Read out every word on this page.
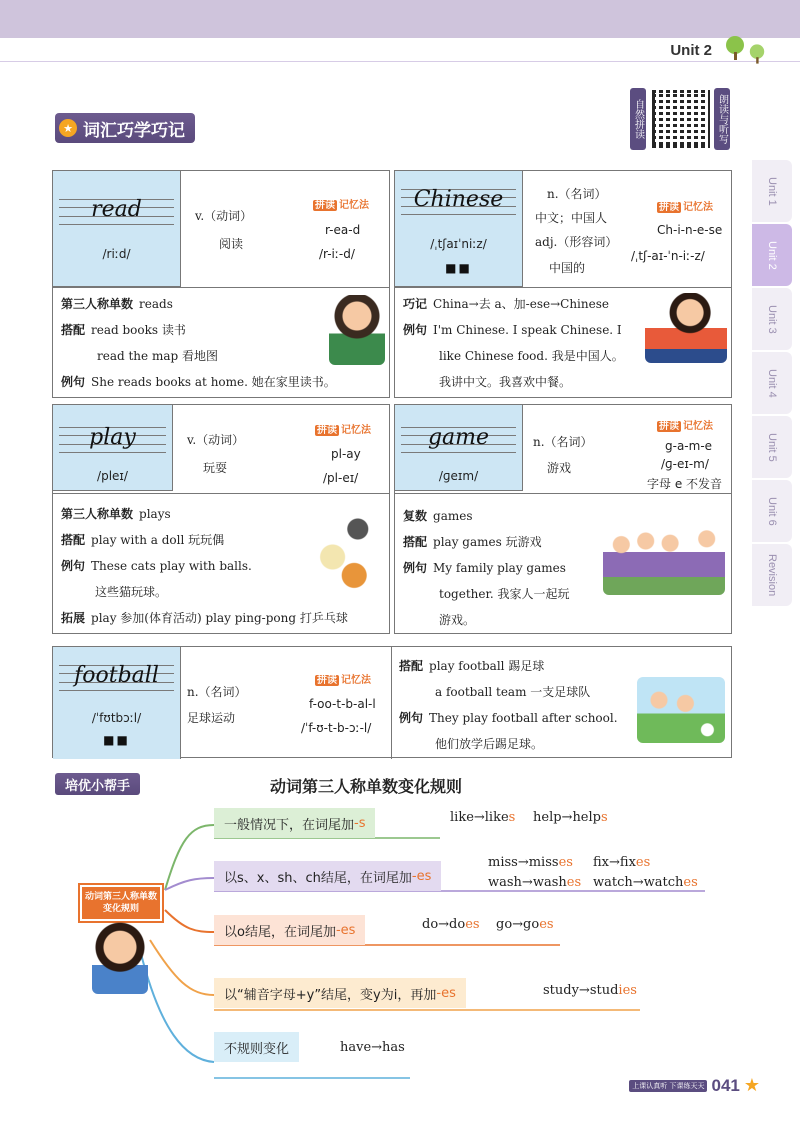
Unit 2
★ 词汇巧学巧记	自然拼读	朗读与听写
Unit 1
Unit 2
Unit 3
Unit 4
Unit 5
Unit 6
Revision
read
/riːd/
v.（动词）
阅读
拼读 记忆法
r-ea-d
/r-iː-d/
第三人称单数 reads
搭配 read books 读书
read the map 看地图
例句 She reads books at home. 她在家里读书。
Chinese
/ˌtʃaɪˈniːz/
■■
n.（名词）
中文；中国人
adj.（形容词）
中国的
拼读 记忆法
Ch-i-n-e-se
/ˌtʃ-aɪ-ˈn-iː-z/
巧记 China→去 a、加-ese→Chinese
例句 I'm Chinese. I speak Chinese. I
like Chinese food. 我是中国人。
我讲中文。我喜欢中餐。
play
/pleɪ/
v.（动词）
玩耍
拼读 记忆法
pl-ay
/pl-eɪ/
第三人称单数 plays
搭配 play with a doll 玩玩偶
例句 These cats play with balls.
这些猫玩球。
拓展 play 参加(体育活动) play ping-pong 打乒乓球
game
/ɡeɪm/
n.（名词）
游戏
拼读 记忆法
g-a-m-e
/ɡ-eɪ-m/
字母 e 不发音
复数 games
搭配 play games 玩游戏
例句 My family play games
together. 我家人一起玩
游戏。
football
/ˈfʊtbɔːl/
■■
n.（名词）
足球运动
拼读 记忆法
f-oo-t-b-al-l
/ˈf-ʊ-t-b-ɔː-l/
搭配 play football 踢足球
a football team 一支足球队
例句 They play football after school.
他们放学后踢足球。
培优小帮手	动词第三人称单数变化规则
动词第三人称单数变化规则
一般情况下，在词尾加 -s	like→likes help→helps
以s、x、sh、ch结尾，在词尾加 -es
miss→misses fix→fixes
wash→washes watch→watches
以o结尾，在词尾加 -es	do→does go→goes
以“辅音字母+y”结尾，变y为i，再加 -es	study→studies
不规则变化	have→has
上课认真听 下课练天天 041 ★
